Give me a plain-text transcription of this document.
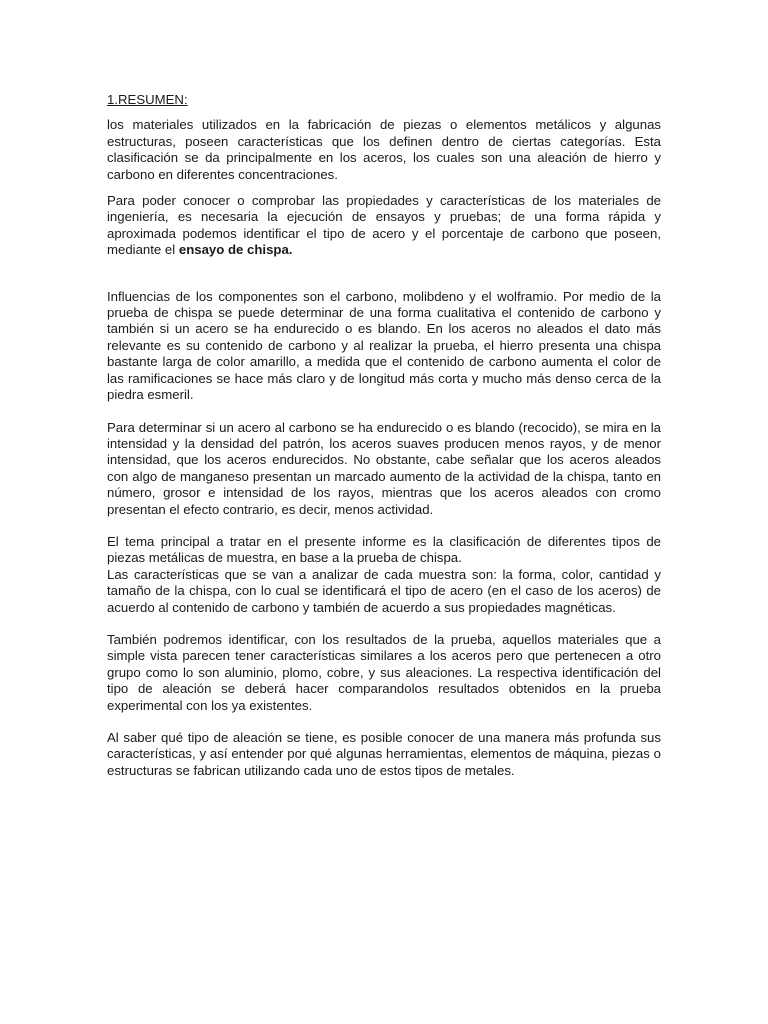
1.RESUMEN:

los materiales utilizados en la fabricación de piezas o elementos metálicos y algunas estructuras, poseen características que los definen dentro de ciertas categorías. Esta clasificación se da principalmente en los aceros, los cuales son una aleación de hierro y carbono en diferentes concentraciones.

Para poder conocer o comprobar las propiedades y características de los materiales de ingeniería, es necesaria la ejecución de ensayos y pruebas; de una forma rápida y aproximada podemos identificar el tipo de acero y el porcentaje de carbono que poseen, mediante el ensayo de chispa.

Influencias de los componentes son el carbono, molibdeno y el wolframio. Por medio de la prueba de chispa se puede determinar de una forma cualitativa el contenido de carbono y también si un acero se ha endurecido o es blando. En los aceros no aleados el dato más relevante es su contenido de carbono y al realizar la prueba, el hierro presenta una chispa bastante larga de color amarillo, a medida que el contenido de carbono aumenta el color de las ramificaciones se hace más claro y de longitud más corta y mucho más denso cerca de la piedra esmeril.

Para determinar si un acero al carbono se ha endurecido o es blando (recocido), se mira en la intensidad y la densidad del patrón, los aceros suaves producen menos rayos, y de menor intensidad, que los aceros endurecidos. No obstante, cabe señalar que los aceros aleados con algo de manganeso presentan un marcado aumento de la actividad de la chispa, tanto en número, grosor e intensidad de los rayos, mientras que los aceros aleados con cromo presentan el efecto contrario, es decir, menos actividad.

El tema principal a tratar en el presente informe es la clasificación de diferentes tipos de piezas metálicas de muestra, en base a la prueba de chispa.

Las características que se van a analizar de cada muestra son: la forma, color, cantidad y tamaño de la chispa, con lo cual se identificará el tipo de acero (en el caso de los aceros) de acuerdo al contenido de carbono y también de acuerdo a sus propiedades magnéticas.

También podremos identificar, con los resultados de la prueba, aquellos materiales que a simple vista parecen tener características similares a los aceros pero que pertenecen a otro grupo como lo son aluminio, plomo, cobre, y sus aleaciones. La respectiva identificación del tipo de aleación se deberá hacer comparandolos resultados obtenidos en la prueba experimental con los ya existentes.

Al saber qué tipo de aleación se tiene, es posible conocer de una manera más profunda sus características, y así entender por qué algunas herramientas, elementos de máquina, piezas o estructuras se fabrican utilizando cada uno de estos tipos de metales.
